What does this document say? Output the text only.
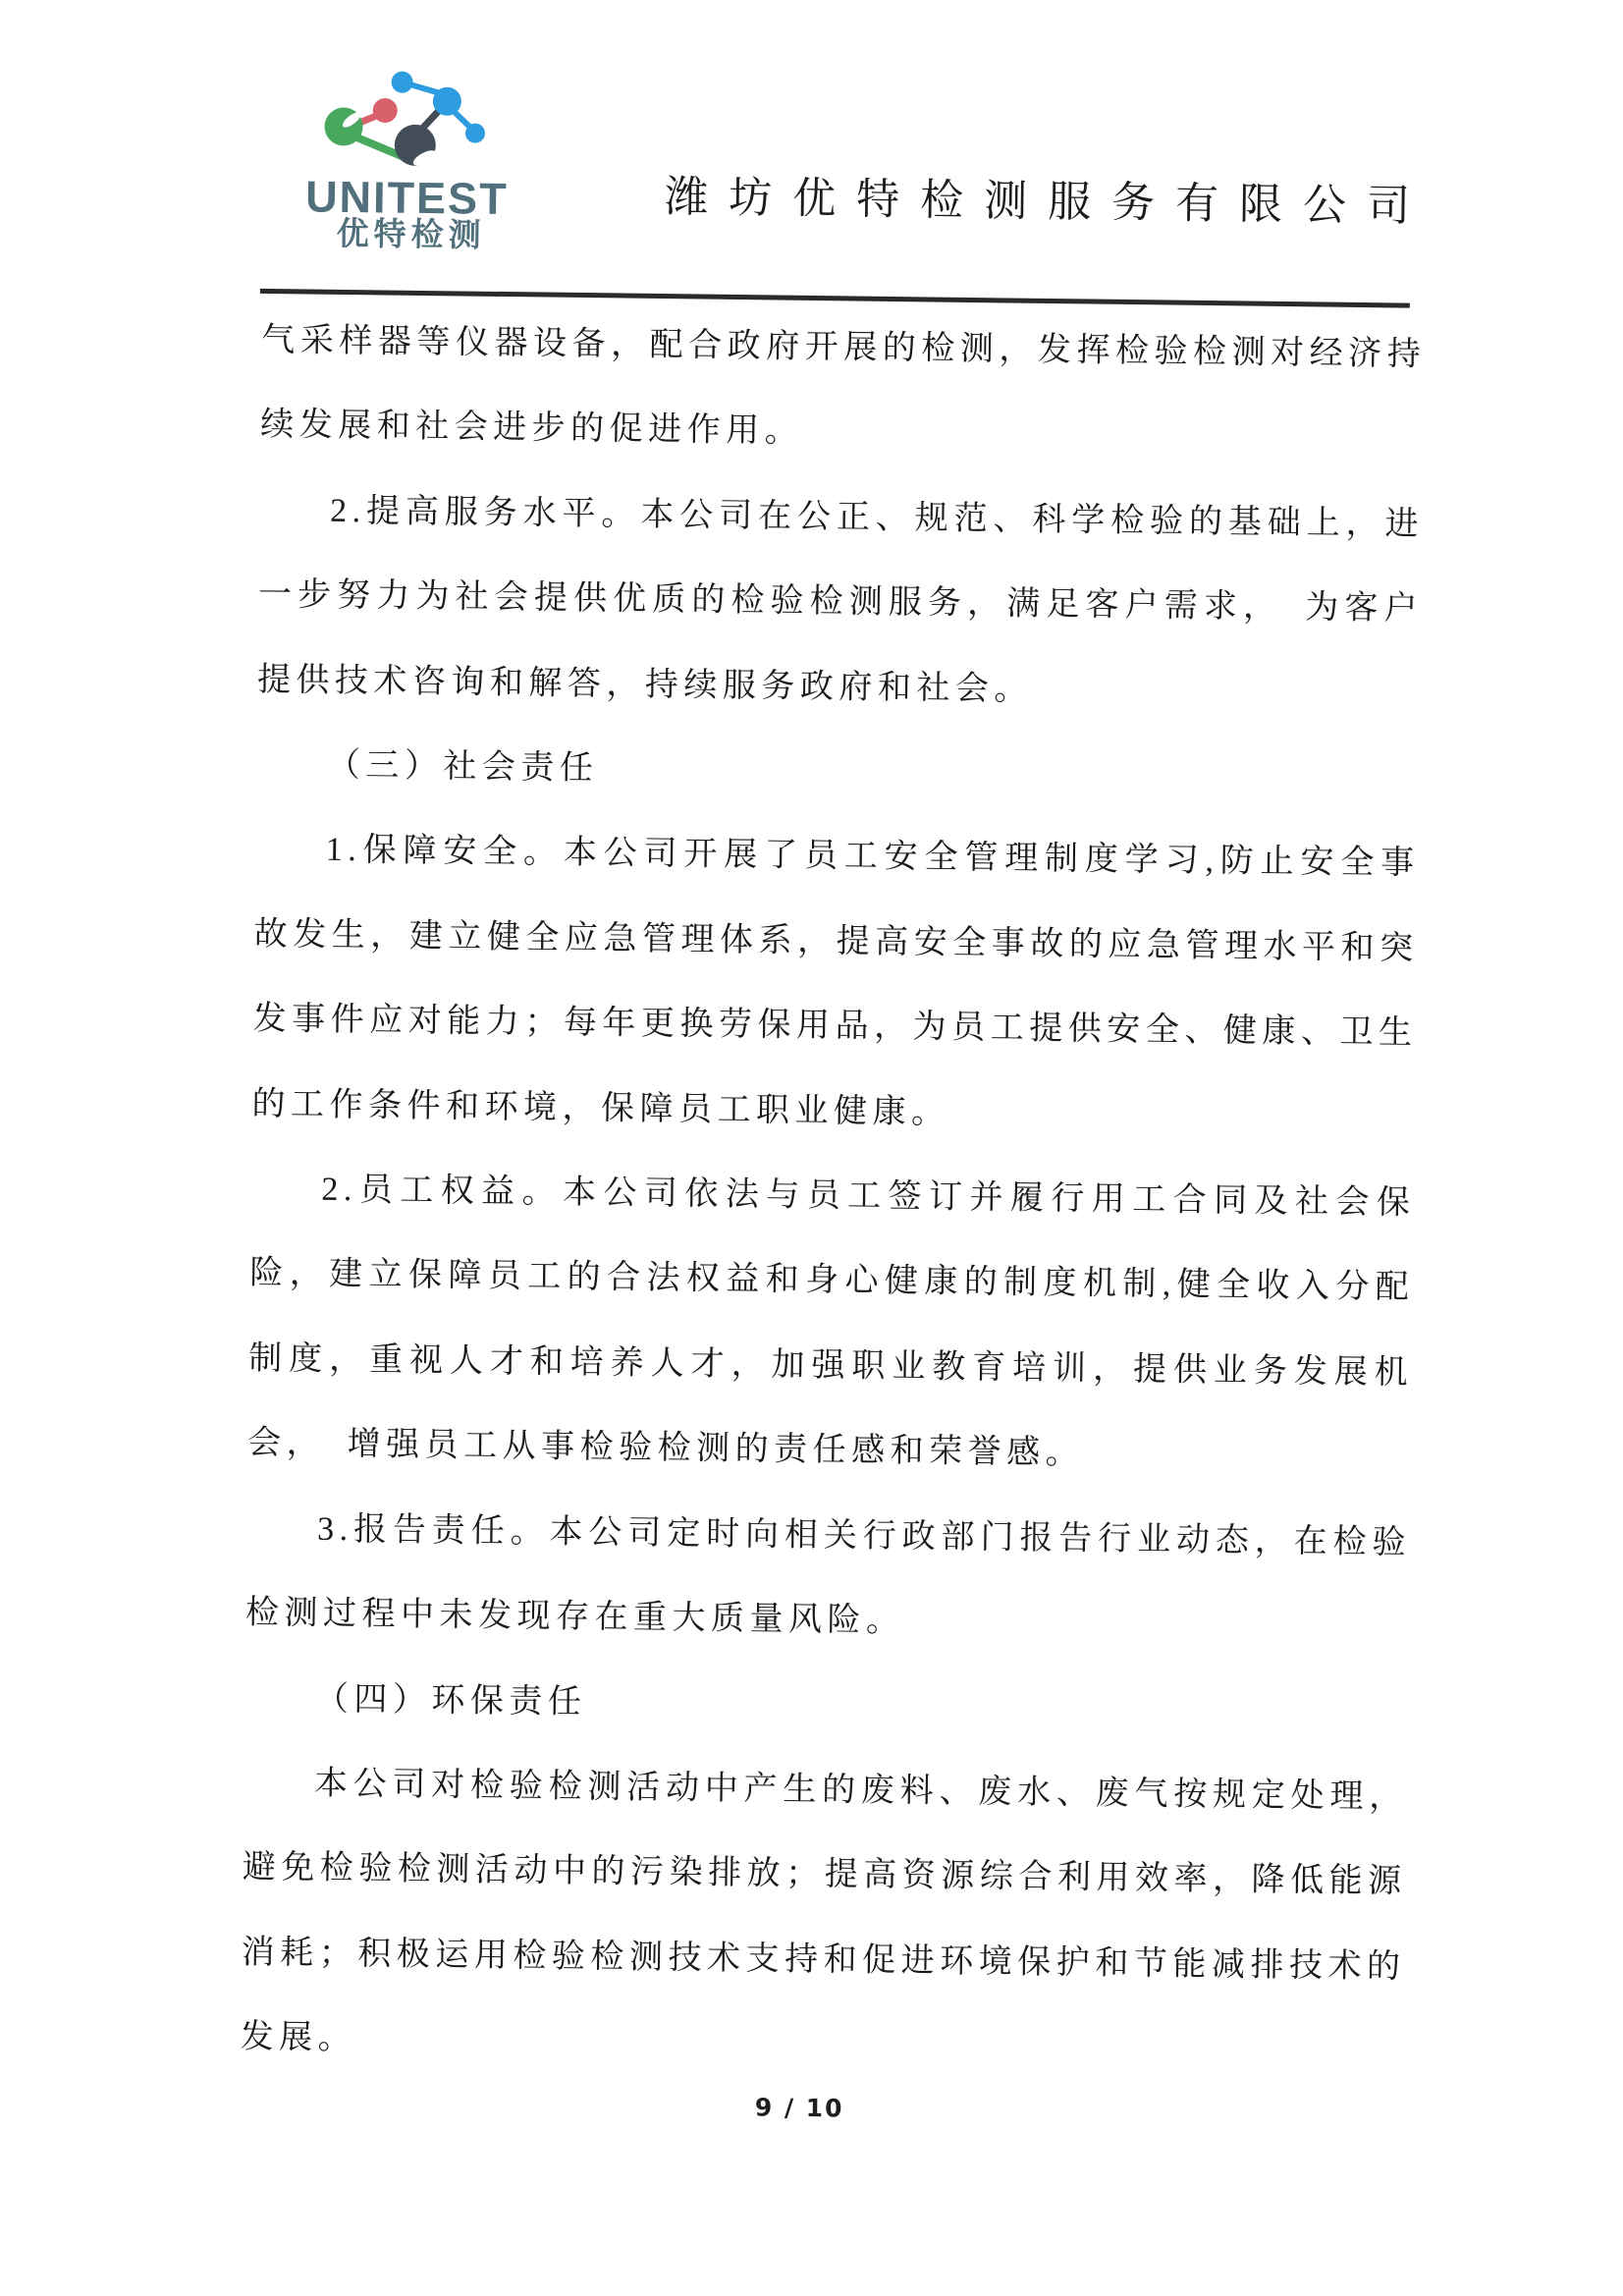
UNITEST
优特检测
潍 坊 优 特 检 测 服 务 有 限 公 司

气采样器等仪器设备，配合政府开展的检测，发挥检验检测对经济持续发展和社会进步的促进作用。

2.提高服务水平。本公司在公正、规范、科学检验的基础上，进一步努力为社会提供优质的检验检测服务，满足客户需求，　为客户提供技术咨询和解答，持续服务政府和社会。

（三）社会责任

1.保障安全。本公司开展了员工安全管理制度学习,防止安全事故发生，建立健全应急管理体系，提高安全事故的应急管理水平和突发事件应对能力；每年更换劳保用品，为员工提供安全、健康、卫生的工作条件和环境，保障员工职业健康。

2.员工权益。本公司依法与员工签订并履行用工合同及社会保险，建立保障员工的合法权益和身心健康的制度机制,健全收入分配制度，重视人才和培养人才，加强职业教育培训，提供业务发展机会，　增强员工从事检验检测的责任感和荣誉感。

3.报告责任。本公司定时向相关行政部门报告行业动态，在检验检测过程中未发现存在重大质量风险。

（四）环保责任

本公司对检验检测活动中产生的废料、废水、废气按规定处理，避免检验检测活动中的污染排放；提高资源综合利用效率，降低能源消耗；积极运用检验检测技术支持和促进环境保护和节能减排技术的发展。

9 / 10
